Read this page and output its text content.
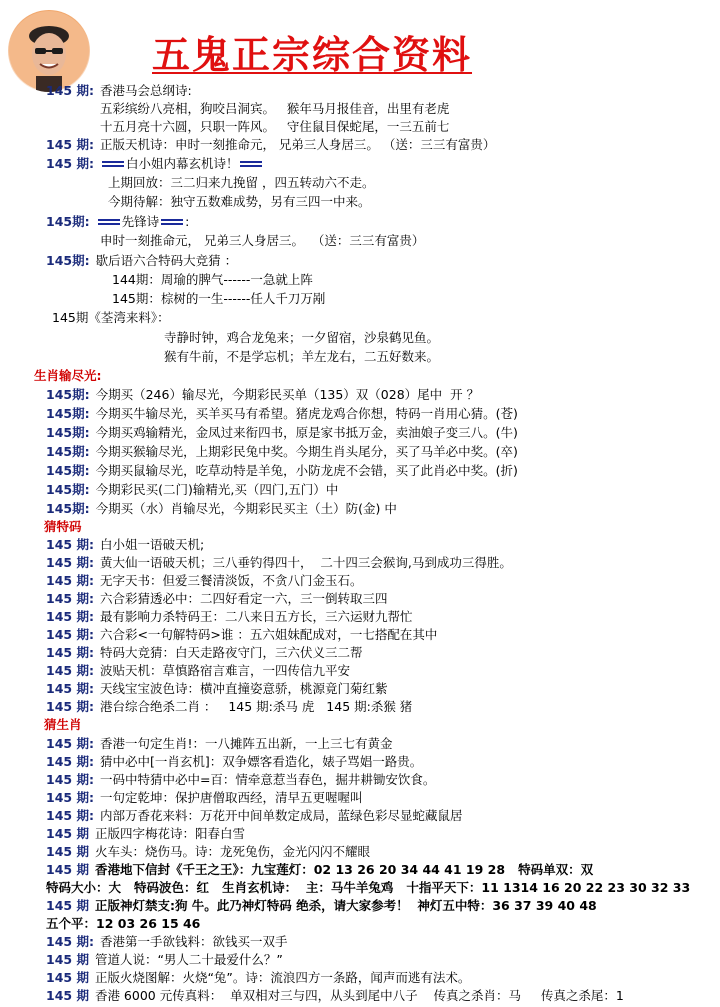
五鬼正宗综合资料
145 期: 香港马会总纲诗:
五彩缤纷八亮相，狗咬吕洞宾。   猴年马月报佳音，出里有老虎
十五月亮十六圆，只职一阵风。   守住鼠目保蛇尾，一三五前七
145 期: 正版天机诗：申时一刻推命元， 兄弟三人身居三。 （送：三三有富贵）
145 期:	白小姐内幕玄机诗！
上期回放：三二归来九挽留 ，四五转动六不走。
今期待解：独守五数难成势，另有三四一中来。
145期:	先锋诗 :
申时一刻推命元， 兄弟三人身居三。  （送：三三有富贵）
145期: 歇后语六合特码大竞猜 ：
144期：周瑜的脾气------一急就上阵
145期：棕树的一生------任人千刀万剐
145期《荃湾来料》：
寺静时钟，鸡合龙兔来；一夕留宿，沙泉鹤见鱼。
猴有牛前，不是学忘机；羊左龙右，二五好数来。
生肖输尽光:
145期: 今期买（246）输尽光，今期彩民买单（135）双（028）尾中  开 ？
145期: 今期买牛输尽光，买羊买马有希望。猪虎龙鸡合你想，特码一肖用心猜。(苍)
145期: 今期买鸡输精光，金凤过来衔四书，原是家书抵万金，卖油娘子变三八。(牛)
145期: 今期买猴输尽光，上期彩民兔中奖。今期生肖头尾分，买了马羊必中奖。(卒)
145期: 今期买鼠输尽光，吃草动特是羊兔，小防龙虎不会错，买了此肖必中奖。(折)
145期: 今期彩民买(二门)输精光,买（四门,五门）中
145期: 今期买（水）肖输尽光，今期彩民买主（土）防(金) 中
猜特码
145 期: 白小姐一语破天机;
145 期: 黄大仙一语破天机；三八垂钓得四十，  二十四三会猴询,马到成功三得胜。
145 期: 无字天书：但爱三餐清淡饭，不贪八门金玉石。
145 期: 六合彩猜透必中：二四好看定一六，三一倒转取三四
145 期: 最有影响力杀特码王：二八来日五方长，三六运财九帮忙
145 期: 六合彩<一句解特码>谁 ：五六姐妹配成对，一七搭配在其中
145 期: 特码大竞猜：白天走路夜守门，三六伏义三二帮
145 期: 波贴天机：草慎路宿言难言，一四传信九平安
145 期: 天线宝宝波色诗：横冲直撞姿意骄，桃源竟门菊红紫
145 期: 港台综合绝杀二肖 ：   145 期:杀马 虎   145 期:杀猴 猪
猜生肖
145 期: 香港一句定生肖!：一八摊阵五出新，一上三七有黄金
145 期: 猜中必中[一肖玄机]：双争嫖客看造化，婊子骂娼一路贵。
145 期: 一码中特猜中必中=百：情牵意惹当春色，掘井耕锄安饮食。
145 期: 一句定乾坤：保护唐僧取西经，清早五更喔喔叫
145 期: 内部万香花来料：万花开中间单数定成局，蓝绿色彩尽显蛇藏鼠居
145 期 正版四字梅花诗：阳春白雪
145 期 火车头：烧伤马。诗：龙死兔伤，金光闪闪不耀眼
145 期 香港地下信封《千王之王》：九宝莲灯：02 13 26 20 34 44 41 19 28   特码单双：双
特码大小：大   特码波色：红   生肖玄机诗：  主：马牛羊兔鸡   十指平天下：11 1314 16 20 22 23 30 32 33
145 期 正版神灯禁支:狗 牛。此乃神灯特码 绝杀，请大家参考！  神灯五中特：36 37 39 40 48
五个平：12 03 26 15 46
145 期: 香港第一手欲钱料：欲钱买一双手
145 期 管道人说：“男人二十最爱什么？”
145 期 正版火烧图解：火烧“兔”。诗：流浪四方一条路，闻声而逃有法术。
145 期 香港 6000 元传真料：  单双相对三与四，从头到尾中八子    传真之杀肖：马     传真之杀尾：1
